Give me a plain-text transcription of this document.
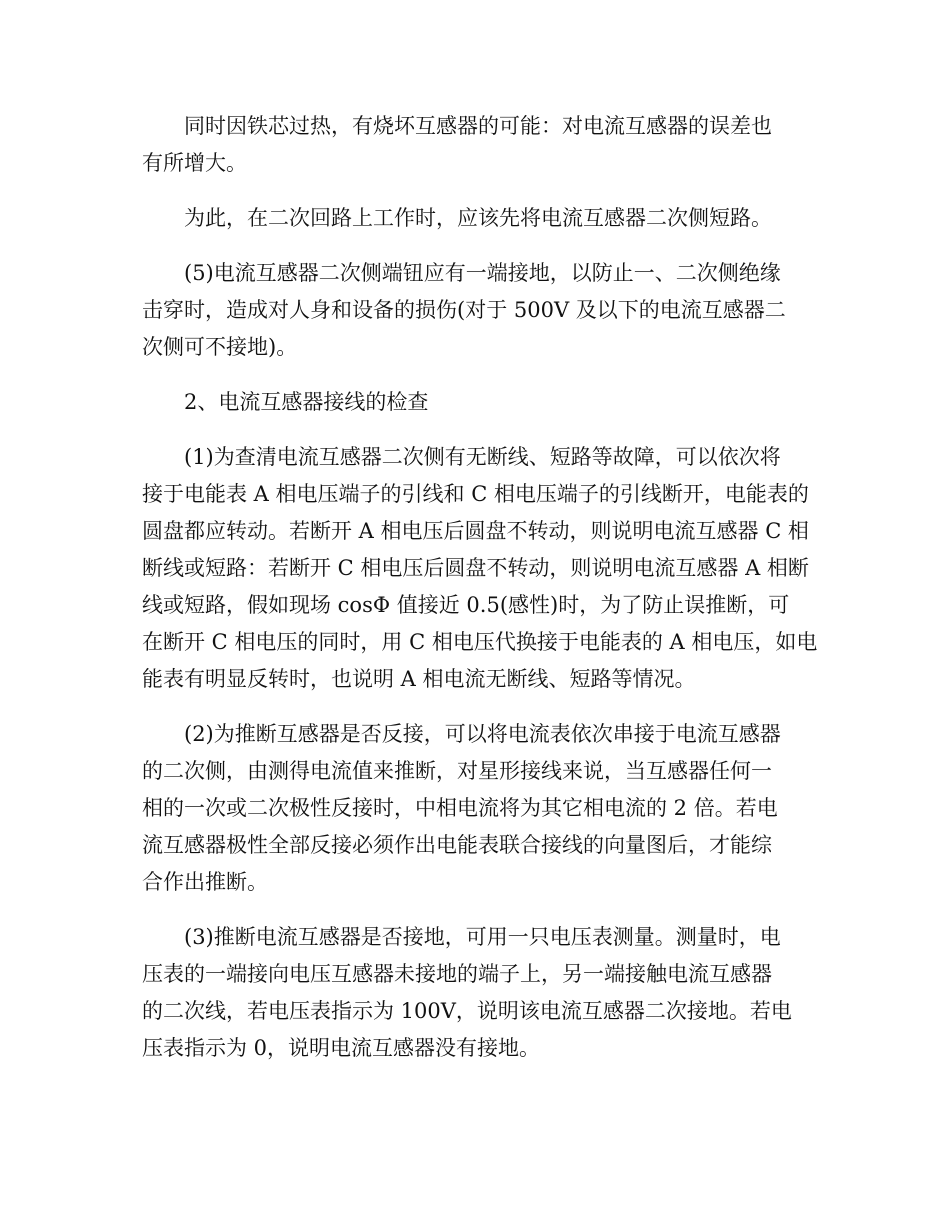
同时因铁芯过热，有烧坏互感器的可能：对电流互感器的误差也
有所增大。

为此，在二次回路上工作时，应该先将电流互感器二次侧短路。

(5)电流互感器二次侧端钮应有一端接地，以防止一、二次侧绝缘
击穿时，造成对人身和设备的损伤(对于 500V 及以下的电流互感器二
次侧可不接地)。

2、电流互感器接线的检查

(1)为查清电流互感器二次侧有无断线、短路等故障，可以依次将
接于电能表 A 相电压端子的引线和 C 相电压端子的引线断开，电能表的
圆盘都应转动。若断开 A 相电压后圆盘不转动，则说明电流互感器 C 相
断线或短路：若断开 C 相电压后圆盘不转动，则说明电流互感器 A 相断
线或短路，假如现场 cosΦ 值接近 0.5(感性)时，为了防止误推断，可
在断开 C 相电压的同时，用 C 相电压代换接于电能表的 A 相电压，如电
能表有明显反转时，也说明 A 相电流无断线、短路等情况。

(2)为推断互感器是否反接，可以将电流表依次串接于电流互感器
的二次侧，由测得电流值来推断，对星形接线来说，当互感器任何一
相的一次或二次极性反接时，中相电流将为其它相电流的 2 倍。若电
流互感器极性全部反接必须作出电能表联合接线的向量图后，才能综
合作出推断。

(3)推断电流互感器是否接地，可用一只电压表测量。测量时，电
压表的一端接向电压互感器未接地的端子上，另一端接触电流互感器
的二次线，若电压表指示为 100V，说明该电流互感器二次接地。若电
压表指示为 0，说明电流互感器没有接地。
